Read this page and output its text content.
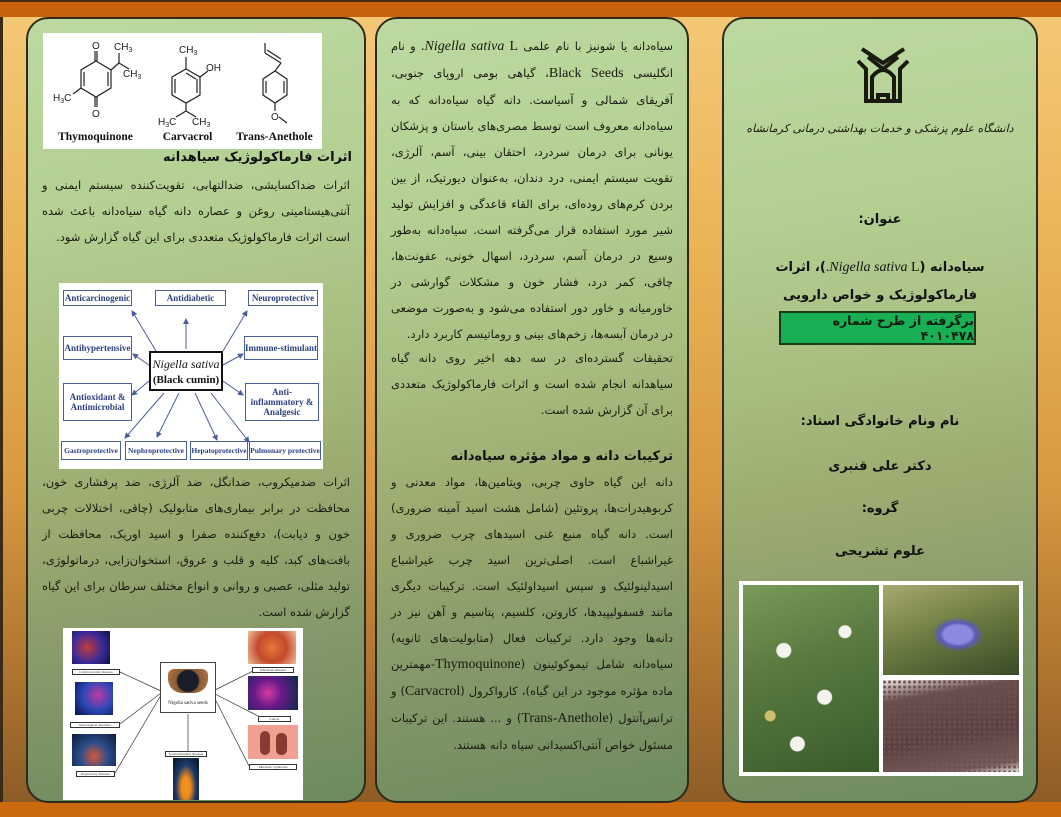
O
O
$CH_3$
$CH_3$
$H_3C$
Thymoquinone
$CH_3$
OH
$H_3C$ $CH_3$
Carvacrol
O
Trans-Anethole
اثرات فارماکولوژیک سیاهدانه
اثرات ضداکسایشی، ضدالتهابی، تقویت‌کننده سیستم ایمنی و آنتی‌هیستامینی روغن و عصاره دانه گیاه سیاه‌دانه باعث شده است اثرات فارماکولوژیک متعددی برای این گیاه گزارش شود.
Anticarcinogenic	Antidiabetic	Neuroprotective
Antihypertensive	Immune-stimulant
Antioxidant & Antimicrobial
Anti-inflammatory & Analgesic
Gastroprotective	Nephroprotective Hepatoprotective Pulmonary protective
Nigella sativa
(Black cumin)
اثرات ضدمیکروب، ضدانگل، ضد آلرژی، ضد پرفشاری خون، محافظت در برابر بیماری‌های متابولیک (چاقی، اختلالات چربی خون و دیابت)، دفع‌کننده صفرا و اسید اوریک، محافظت از بافت‌های کبد، کلیه و قلب و عروق، استخوان‌زایی، درماتولوژی، تولید مثلی، عصبی و روانی و انواع مختلف سرطان برای این گیاه گزارش شده است.
Cardiovascular diseases
Neurological disorders
Respiratory diseases
Nigella sativa seeds
Gastrointestinal diseases
Infectious diseases
Cancer
Metabolic syndrome
سیاه‌دانه یا شونیز با نام علمی Nigella sativa L. و نام انگلیسی Black Seeds، گیاهی بومی اروپای جنوبی، آفریقای شمالی و آسیاست. دانه گیاه سیاه‌دانه که به سیاه‌دانه معروف است توسط مصری‌های باستان و پزشکان یونانی برای درمان سردرد، احتقان بینی، آسم، آلرژی، تقویت سیستم ایمنی، درد دندان، به‌عنوان دیورتیک، از بین بردن کرم‌های روده‌ای، برای القاء قاعدگی و افزایش تولید شیر مورد استفاده قرار می‌گرفته است. سیاه‌دانه به‌طور وسیع در درمان آسم، سردرد، اسهال خونی، عفونت‌ها، چاقی، کمر درد، فشار خون و مشکلات گوارشی در خاورمیانه و خاور دور استفاده می‌شود و به‌صورت موضعی در درمان آبسه‌ها، زخم‌های بینی و روماتیسم کاربرد دارد.
تحقیقات گسترده‌ای در سه دهه اخیر روی دانه گیاه سیاهدانه انجام شده است و اثرات فارماکولوژیک متعددی برای آن گزارش شده است.
ترکیبات دانه و مواد مؤثره سیاه‌دانه
دانه این گیاه حاوی چربی، ویتامین‌ها، مواد معدنی و کربوهیدرات‌ها، پروتئین (شامل هشت اسید آمینه ضروری) است. دانه گیاه منبع غنی اسیدهای چرب ضروری و غیراشباع است. اصلی‌ترین اسید چرب غیراشباع اسیدلینولئیک و سپس اسیداولئیک است. ترکیبات دیگری مانند فسفولیپیدها، کاروتن، کلسیم، پتاسیم و آهن نیز در دانه‌ها وجود دارد. ترکیبات فعال (متابولیت‌های ثانویه) سیاه‌دانه شامل تیموکوئینون (Thymoquinone-مهمترین ماده مؤثره موجود در این گیاه)، کارواکرول (Carvacrol) و ترانس‌آنتول (Trans-Anethole) و ... هستند. این ترکیبات مسئول خواص آنتی‌اکسیدانی سیاه دانه هستند.
دانشگاه علوم پزشکی و خدمات بهداشتی درمانی کرمانشاه
عنوان:
سیاه‌دانه (Nigella sativa L.)، اثرات فارماکولوژیک و خواص دارویی
برگرفته از طرح شماره ۴۰۱۰۴۷۸
نام ونام خانوادگی استاد:
دکتر علی قنبری
گروه:
علوم تشریحی
